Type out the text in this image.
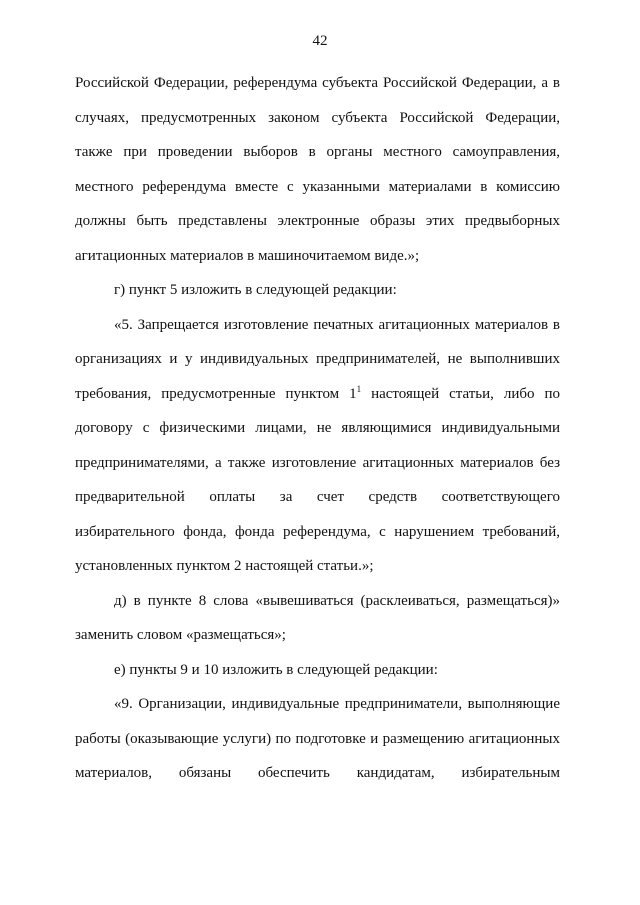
42
Российской Федерации, референдума субъекта Российской Федерации, а в
случаях, предусмотренных законом субъекта Российской Федерации,
также при проведении выборов в органы местного самоуправления,
местного референдума вместе с указанными материалами в комиссию
должны быть представлены электронные образы этих предвыборных
агитационных материалов в машиночитаемом виде.»;
г) пункт 5 изложить в следующей редакции:
«5. Запрещается изготовление печатных агитационных материалов в
организациях и у индивидуальных предпринимателей, не выполнивших
требования, предусмотренные пунктом $1^1$ настоящей статьи, либо по
договору с физическими лицами, не являющимися индивидуальными
предпринимателями, а также изготовление агитационных материалов без
предварительной оплаты за счет средств соответствующего
избирательного фонда, фонда референдума, с нарушением требований,
установленных пунктом 2 настоящей статьи.»;
д) в пункте 8 слова «вывешиваться (расклеиваться, размещаться)»
заменить словом «размещаться»;
е) пункты 9 и 10 изложить в следующей редакции:
«9. Организации, индивидуальные предприниматели, выполняющие
работы (оказывающие услуги) по подготовке и размещению агитационных
материалов, обязаны обеспечить кандидатам, избирательным
